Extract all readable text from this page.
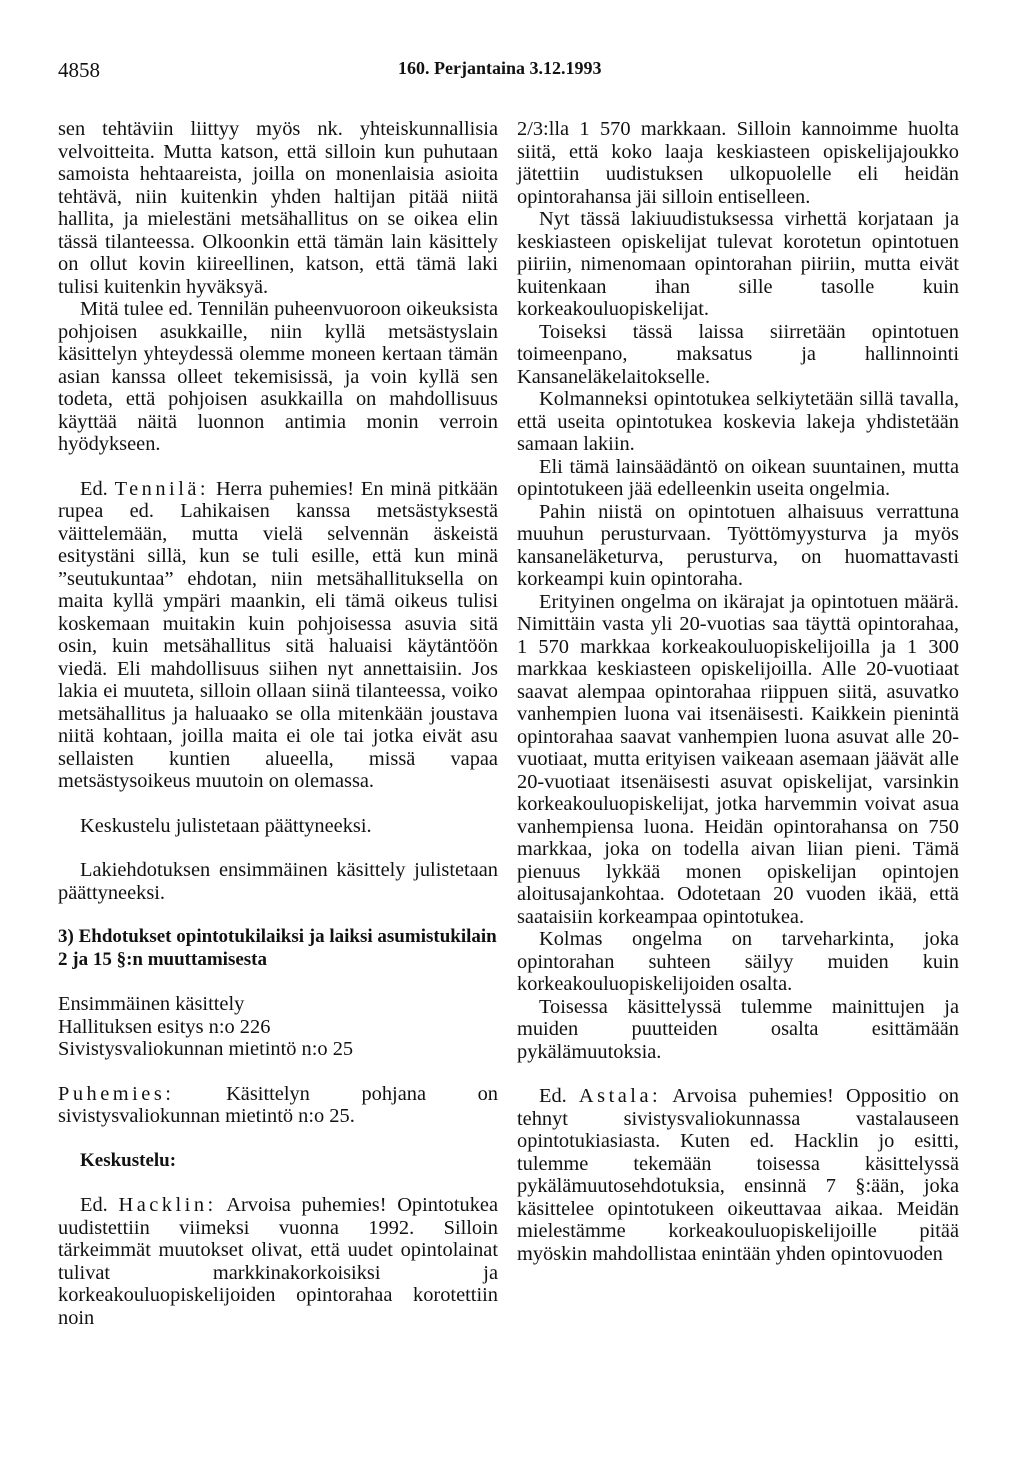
4858	160. Perjantaina 3.12.1993

sen tehtäviin liittyy myös nk. yhteiskunnallisia velvoitteita. Mutta katson, että silloin kun puhutaan samoista hehtaareista, joilla on monenlaisia asioita tehtävä, niin kuitenkin yhden haltijan pitää niitä hallita, ja mielestäni metsähallitus on se oikea elin tässä tilanteessa. Olkoonkin että tämän lain käsittely on ollut kovin kiireellinen, katson, että tämä laki tulisi kuitenkin hyväksyä.

Mitä tulee ed. Tennilän puheenvuoroon oikeuksista pohjoisen asukkaille, niin kyllä metsästyslain käsittelyn yhteydessä olemme moneen kertaan tämän asian kanssa olleet tekemisissä, ja voin kyllä sen todeta, että pohjoisen asukkailla on mahdollisuus käyttää näitä luonnon antimia monin verroin hyödykseen.

Ed. Tennilä: Herra puhemies! En minä pitkään rupea ed. Lahikaisen kanssa metsästyksestä väittelemään, mutta vielä selvennän äskeistä esitystäni sillä, kun se tuli esille, että kun minä ”seutukuntaa” ehdotan, niin metsähallituksella on maita kyllä ympäri maankin, eli tämä oikeus tulisi koskemaan muitakin kuin pohjoisessa asuvia sitä osin, kuin metsähallitus sitä haluaisi käytäntöön viedä. Eli mahdollisuus siihen nyt annettaisiin. Jos lakia ei muuteta, silloin ollaan siinä tilanteessa, voiko metsähallitus ja haluaako se olla mitenkään joustava niitä kohtaan, joilla maita ei ole tai jotka eivät asu sellaisten kuntien alueella, missä vapaa metsästysoikeus muutoin on olemassa.

Keskustelu julistetaan päättyneeksi.

Lakiehdotuksen ensimmäinen käsittely julistetaan päättyneeksi.

3) Ehdotukset opintotukilaiksi ja laiksi asumistukilain 2 ja 15 §:n muuttamisesta

Ensimmäinen käsittely
Hallituksen esitys n:o 226
Sivistysvaliokunnan mietintö n:o 25

Puhemies:	Käsittelyn pohjana on sivistysvaliokunnan mietintö n:o 25.

Keskustelu:

Ed. Hacklin: Arvoisa puhemies! Opintotukea uudistettiin viimeksi vuonna 1992. Silloin tärkeimmät muutokset olivat, että uudet opintolainat tulivat markkinakorkoisiksi ja korkeakouluopiskelijoiden opintorahaa korotettiin noin

2/3:lla 1 570 markkaan. Silloin kannoimme huolta siitä, että koko laaja keskiasteen opiskelijajoukko jätettiin uudistuksen ulkopuolelle eli heidän opintorahansa jäi silloin entiselleen.

Nyt tässä lakiuudistuksessa virhettä korjataan ja keskiasteen opiskelijat tulevat korotetun opintotuen piiriin, nimenomaan opintorahan piiriin, mutta eivät kuitenkaan ihan sille tasolle kuin korkeakouluopiskelijat.

Toiseksi tässä laissa siirretään opintotuen toimeenpano, maksatus ja hallinnointi Kansaneläkelaitokselle.

Kolmanneksi opintotukea selkiytetään sillä tavalla, että useita opintotukea koskevia lakeja yhdistetään samaan lakiin.

Eli tämä lainsäädäntö on oikean suuntainen, mutta opintotukeen jää edelleenkin useita ongelmia.

Pahin niistä on opintotuen alhaisuus verrattuna muuhun perusturvaan. Työttömyysturva ja myös kansaneläketurva, perusturva, on huomattavasti korkeampi kuin opintoraha.

Erityinen ongelma on ikärajat ja opintotuen määrä. Nimittäin vasta yli 20-vuotias saa täyttä opintorahaa, 1 570 markkaa korkeakouluopiskelijoilla ja 1 300 markkaa keskiasteen opiskelijoilla. Alle 20-vuotiaat saavat alempaa opintorahaa riippuen siitä, asuvatko vanhempien luona vai itsenäisesti. Kaikkein pienintä opintorahaa saavat vanhempien luona asuvat alle 20-vuotiaat, mutta erityisen vaikeaan asemaan jäävät alle 20-vuotiaat itsenäisesti asuvat opiskelijat, varsinkin korkeakouluopiskelijat, jotka harvemmin voivat asua vanhempiensa luona. Heidän opintorahansa on 750 markkaa, joka on todella aivan liian pieni. Tämä pienuus lykkää monen opiskelijan opintojen aloitusajankohtaa. Odotetaan 20 vuoden ikää, että saataisiin korkeampaa opintotukea.

Kolmas ongelma on tarveharkinta, joka opintorahan suhteen säilyy muiden kuin korkeakouluopiskelijoiden osalta.

Toisessa käsittelyssä tulemme mainittujen ja muiden puutteiden osalta esittämään pykälämuutoksia.

Ed. Astala: Arvoisa puhemies! Oppositio on tehnyt sivistysvaliokunnassa vastalauseen opintotukiasiasta. Kuten ed. Hacklin jo esitti, tulemme tekemään toisessa käsittelyssä pykälämuutosehdotuksia, ensinnä 7 §:ään, joka käsittelee opintotukeen oikeuttavaa aikaa. Meidän mielestämme korkeakouluopiskelijoille pitää myöskin mahdollistaa enintään yhden opintovuoden
